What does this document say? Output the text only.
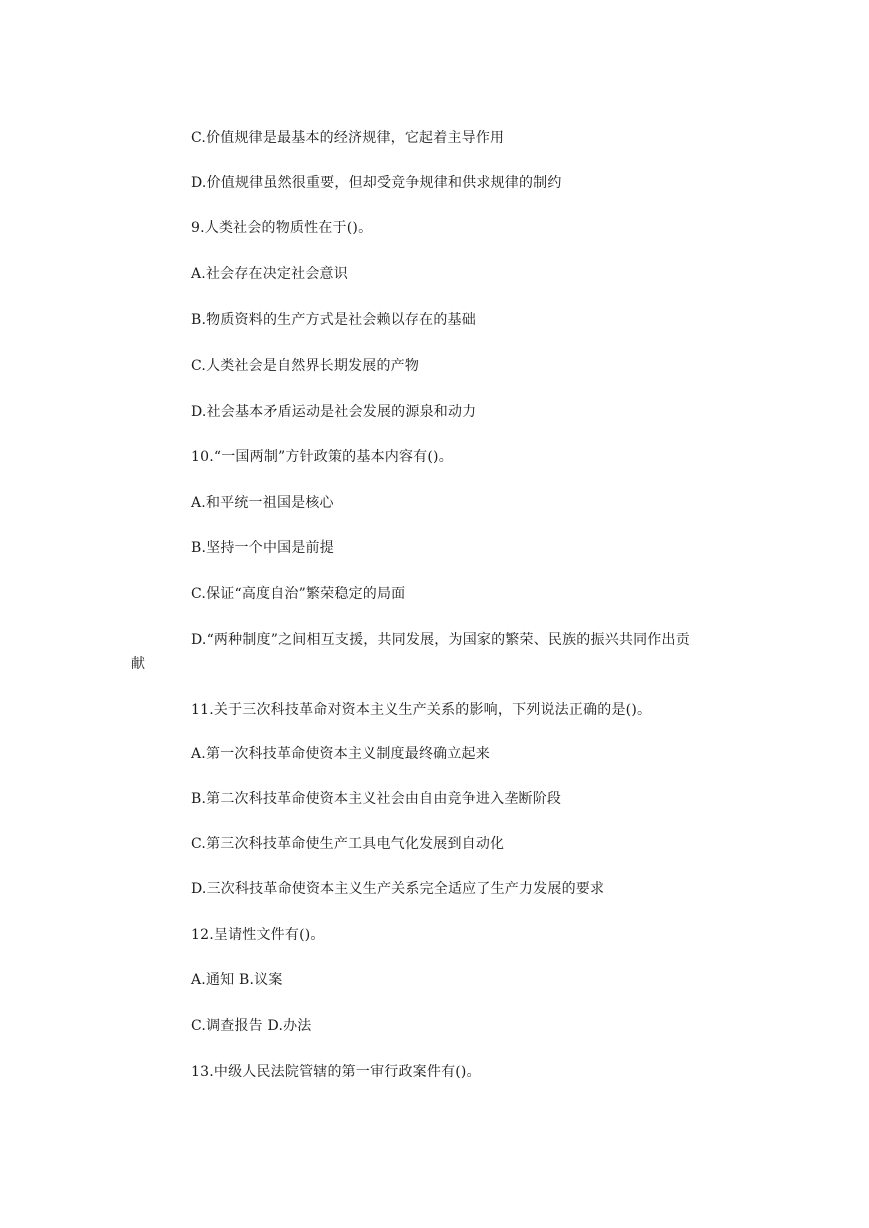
C.价值规律是最基本的经济规律，它起着主导作用
D.价值规律虽然很重要，但却受竞争规律和供求规律的制约
9.人类社会的物质性在于()。
A.社会存在决定社会意识
B.物质资料的生产方式是社会赖以存在的基础
C.人类社会是自然界长期发展的产物
D.社会基本矛盾运动是社会发展的源泉和动力
10.“一国两制”方针政策的基本内容有()。
A.和平统一祖国是核心
B.坚持一个中国是前提
C.保证“高度自治”繁荣稳定的局面
D.“两种制度”之间相互支援，共同发展，为国家的繁荣、民族的振兴共同作出贡
献
11.关于三次科技革命对资本主义生产关系的影响，下列说法正确的是()。
A.第一次科技革命使资本主义制度最终确立起来
B.第二次科技革命使资本主义社会由自由竞争进入垄断阶段
C.第三次科技革命使生产工具电气化发展到自动化
D.三次科技革命使资本主义生产关系完全适应了生产力发展的要求
12.呈请性文件有()。
A.通知 B.议案
C.调查报告 D.办法
13.中级人民法院管辖的第一审行政案件有()。
